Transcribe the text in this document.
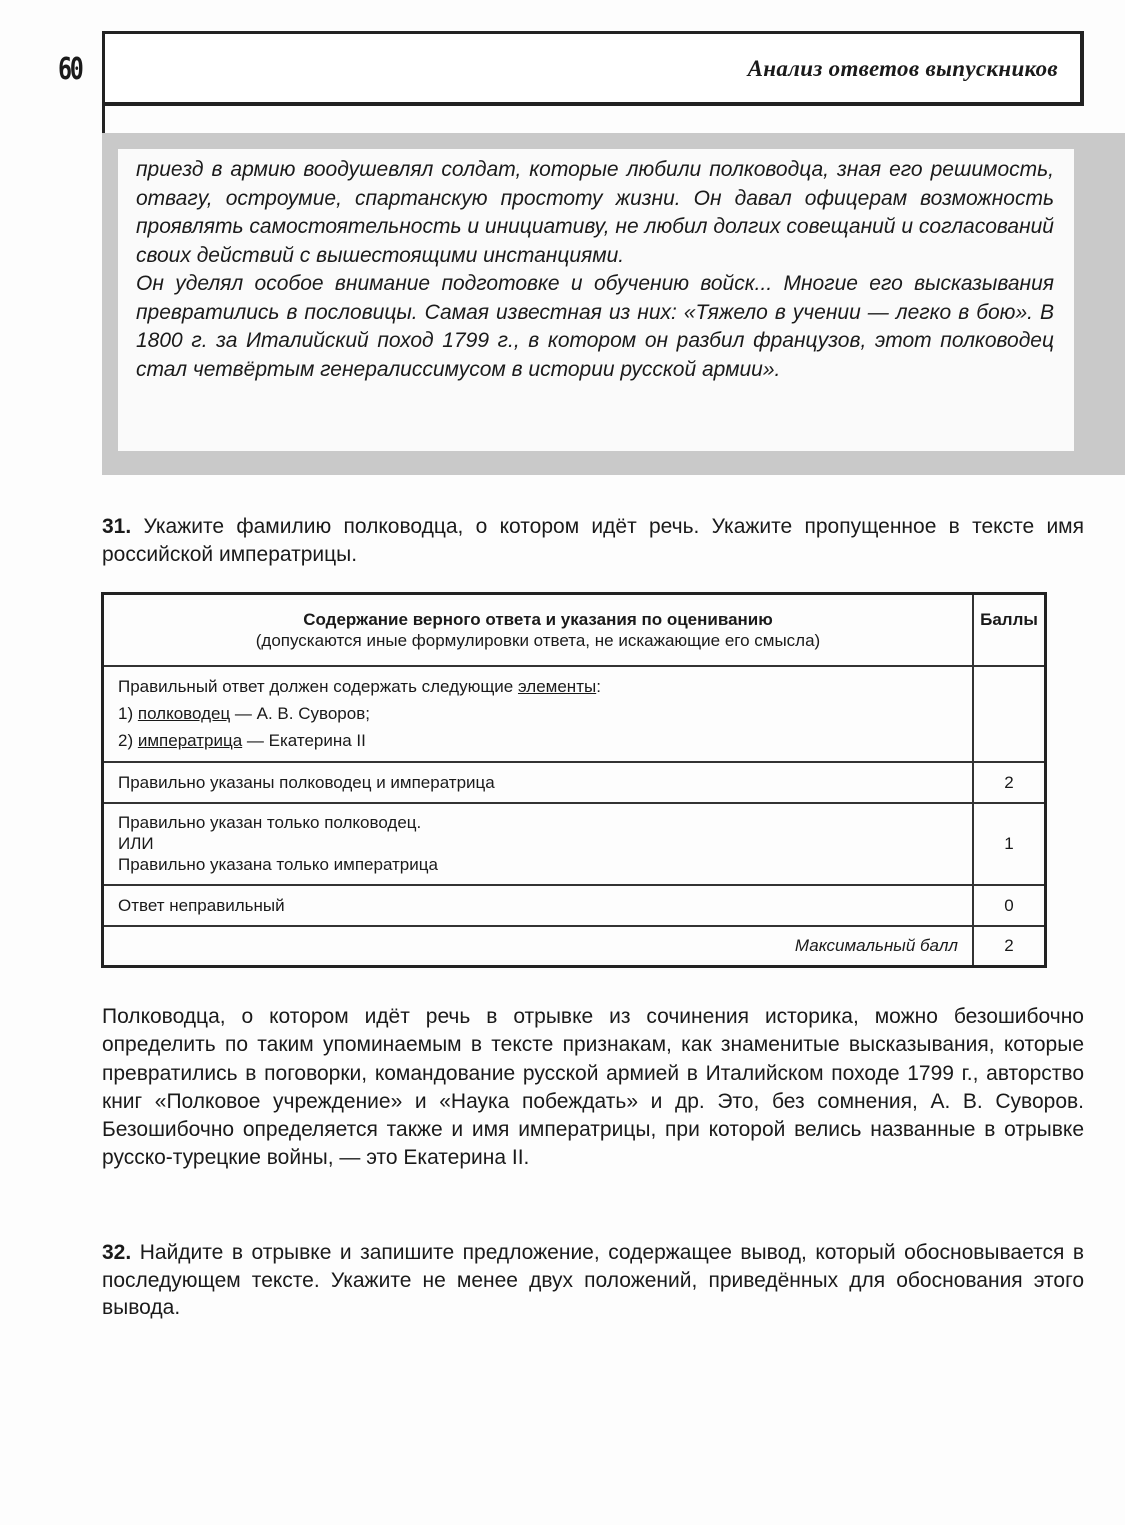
60	Анализ ответов выпускников

приезд в армию воодушевлял солдат, которые любили полководца, зная его решимость, отвагу, остроумие, спартанскую простоту жизни. Он давал офицерам возможность проявлять самостоятельность и инициативу, не любил долгих совещаний и согласований своих действий с вышестоящими инстанциями.

Он уделял особое внимание подготовке и обучению войск... Многие его высказывания превратились в пословицы. Самая известная из них: «Тяжело в учении — легко в бою». В 1800 г. за Италийский поход 1799 г., в котором он разбил французов, этот полководец стал четвёртым генералиссимусом в истории русской армии».

31. Укажите фамилию полководца, о котором идёт речь. Укажите пропущенное в тексте имя российской императрицы.
Содержание верного ответа и указания по оцениванию
(допускаются иные формулировки ответа, не искажающие его смысла)	Баллы

Правильный ответ должен содержать следующие элементы:
1) полководец — А. В. Суворов;
2) императрица — Екатерина II	

Правильно указаны полководец и императрица	2

Правильно указан только полководец.
ИЛИ
Правильно указана только императрица	1
Ответ неправильный	0
Максимальный балл	2
Полководца, о котором идёт речь в отрывке из сочинения историка, можно безошибочно определить по таким упоминаемым в тексте признакам, как знаменитые высказывания, которые превратились в поговорки, командование русской армией в Италийском походе 1799 г., авторство книг «Полковое учреждение» и «Наука побеждать» и др. Это, без сомнения, А. В. Суворов. Безошибочно определяется также и имя императрицы, при которой велись названные в отрывке русско-турецкие войны, — это Екатерина II.
32. Найдите в отрывке и запишите предложение, содержащее вывод, который обосновывается в последующем тексте. Укажите не менее двух положений, приведённых для обоснования этого вывода.
